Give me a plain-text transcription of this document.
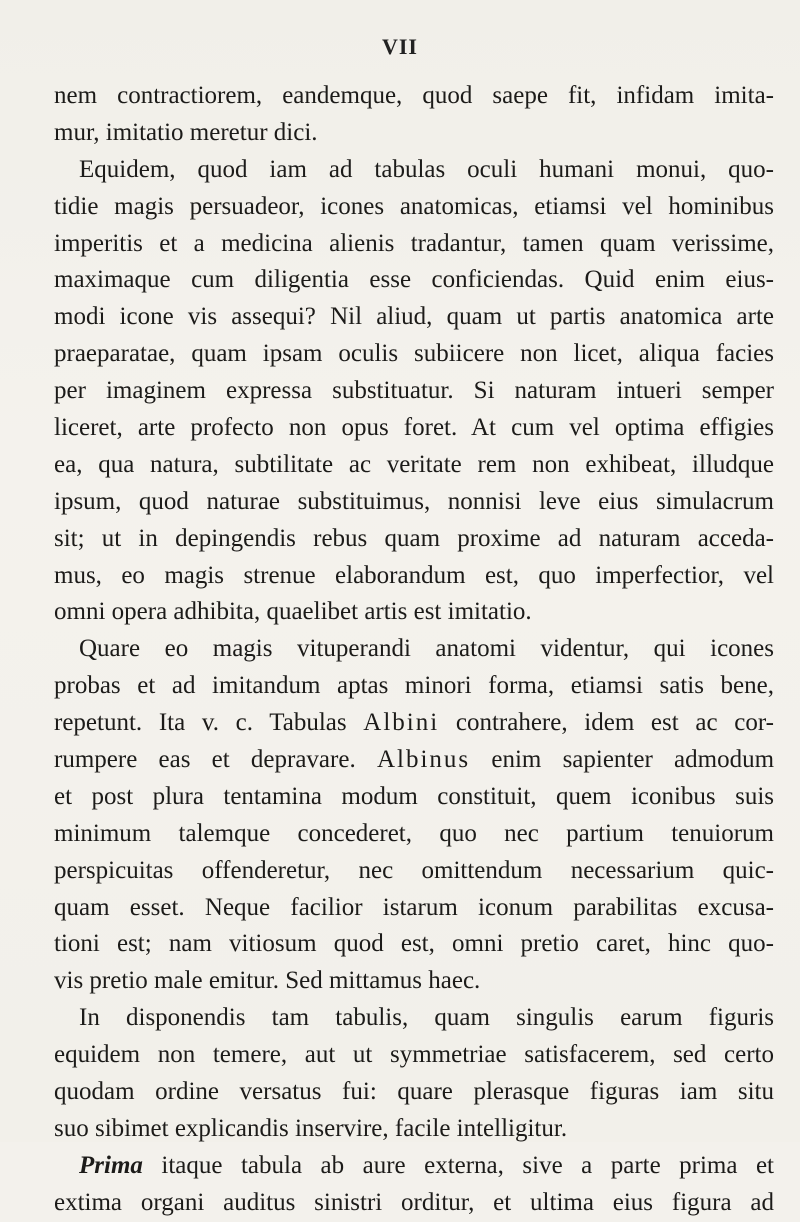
VII
nem contractiorem, eandemque, quod saepe fit, infidam imita-
mur, imitatio meretur dici.
Equidem, quod iam ad tabulas oculi humani monui, quo-
tidie magis persuadeor, icones anatomicas, etiamsi vel hominibus
imperitis et a medicina alienis tradantur, tamen quam verissime,
maximaque cum diligentia esse conficiendas. Quid enim eius-
modi icone vis assequi? Nil aliud, quam ut partis anatomica arte
praeparatae, quam ipsam oculis subiicere non licet, aliqua facies
per imaginem expressa substituatur. Si naturam intueri semper
liceret, arte profecto non opus foret. At cum vel optima effigies
ea, qua natura, subtilitate ac veritate rem non exhibeat, illudque
ipsum, quod naturae substituimus, nonnisi leve eius simulacrum
sit; ut in depingendis rebus quam proxime ad naturam acceda-
mus, eo magis strenue elaborandum est, quo imperfectior, vel
omni opera adhibita, quaelibet artis est imitatio.
Quare eo magis vituperandi anatomi videntur, qui icones
probas et ad imitandum aptas minori forma, etiamsi satis bene,
repetunt. Ita v. c. Tabulas Albini contrahere, idem est ac cor-
rumpere eas et depravare. Albinus enim sapienter admodum
et post plura tentamina modum constituit, quem iconibus suis
minimum talemque concederet, quo nec partium tenuiorum
perspicuitas offenderetur, nec omittendum necessarium quic-
quam esset. Neque facilior istarum iconum parabilitas excusa-
tioni est; nam vitiosum quod est, omni pretio caret, hinc quo-
vis pretio male emitur. Sed mittamus haec.
In disponendis tam tabulis, quam singulis earum figuris
equidem non temere, aut ut symmetriae satisfacerem, sed certo
quodam ordine versatus fui: quare plerasque figuras iam situ
suo sibimet explicandis inservire, facile intelligitur.
Prima itaque tabula ab aure externa, sive a parte prima et
extima organi auditus sinistri orditur, et ultima eius figura ad
